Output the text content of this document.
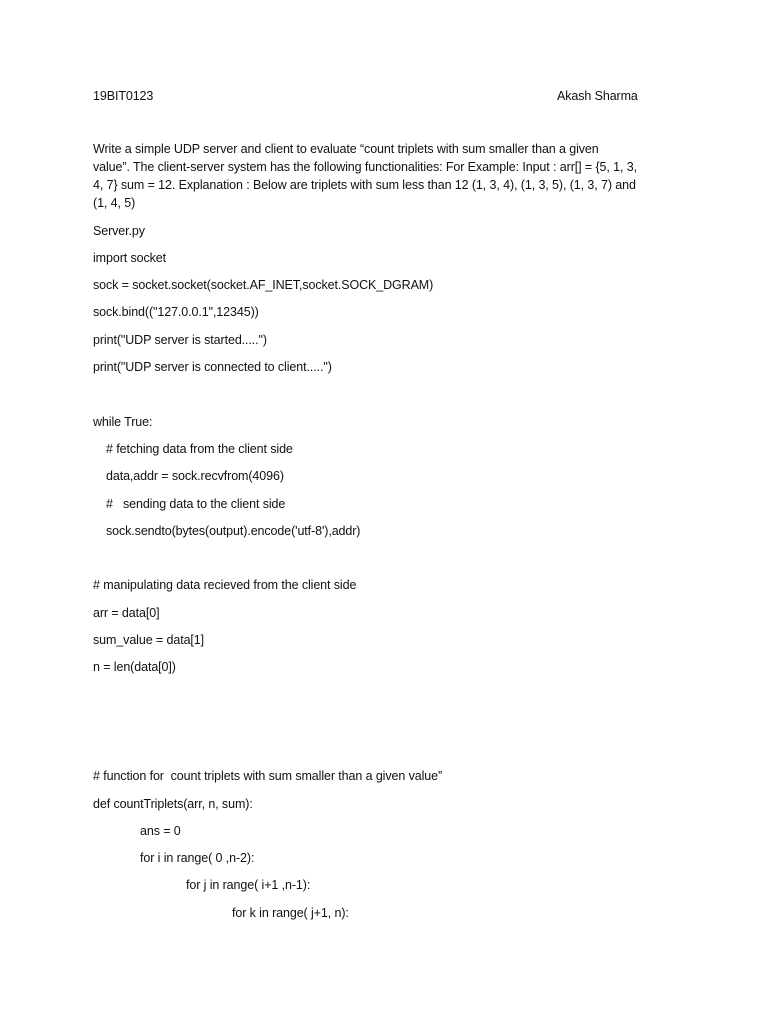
19BIT0123	Akash Sharma
Write a simple UDP server and client to evaluate “count triplets with sum smaller than a given
value”. The client-server system has the following functionalities: For Example: Input : arr[] = {5, 1, 3,
4, 7} sum = 12. Explanation : Below are triplets with sum less than 12 (1, 3, 4), (1, 3, 5), (1, 3, 7) and
(1, 4, 5)
Server.py
import socket
sock = socket.socket(socket.AF_INET,socket.SOCK_DGRAM)
sock.bind(("127.0.0.1",12345))
print("UDP server is started.....")
print("UDP server is connected to client.....")
while True:
# fetching data from the client side
data,addr = sock.recvfrom(4096)
#   sending data to the client side
sock.sendto(bytes(output).encode('utf-8'),addr)
# manipulating data recieved from the client side
arr = data[0]
sum_value = data[1]
n = len(data[0])
# function for  count triplets with sum smaller than a given value”
def countTriplets(arr, n, sum):
ans = 0
for i in range( 0 ,n-2):
for j in range( i+1 ,n-1):
for k in range( j+1, n):
